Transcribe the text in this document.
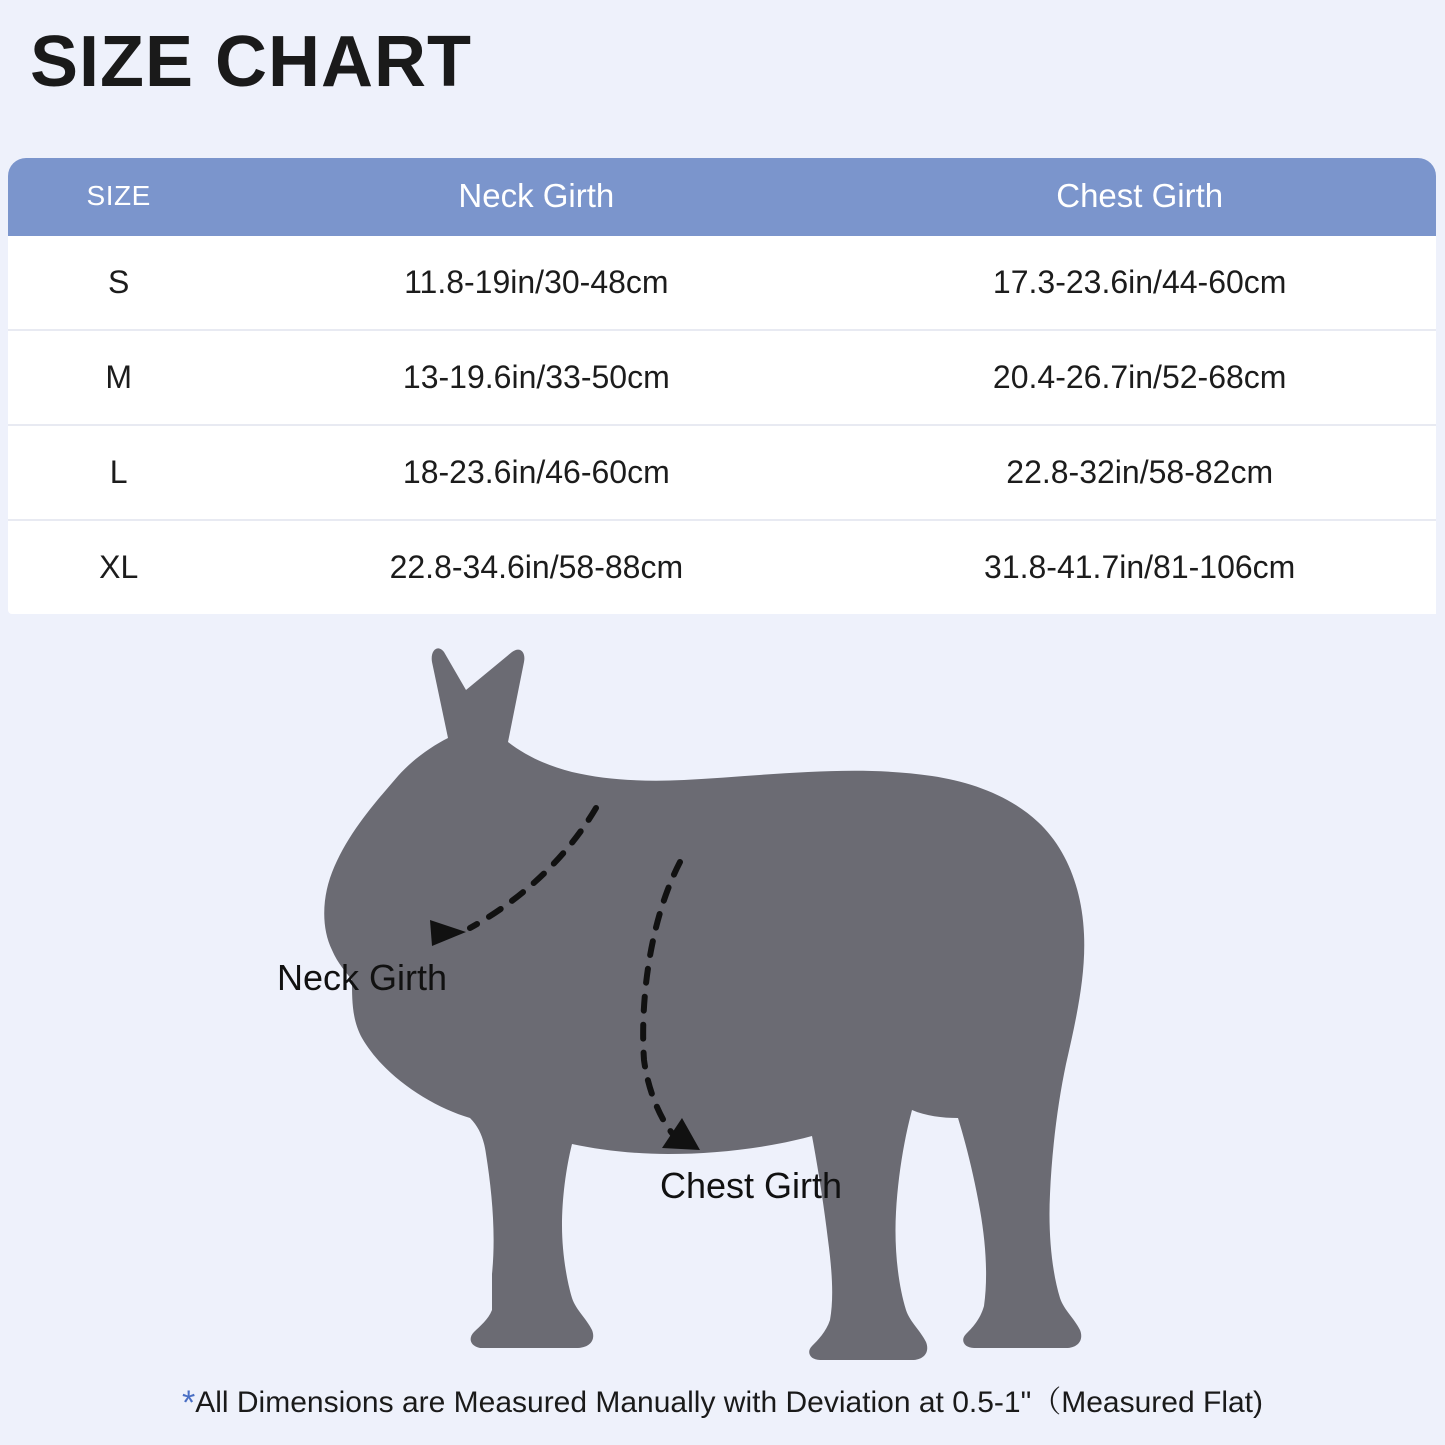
SIZE CHART
SIZE	Neck Girth	Chest Girth
S	11.8-19in/30-48cm	17.3-23.6in/44-60cm
M	13-19.6in/33-50cm	20.4-26.7in/52-68cm
L	18-23.6in/46-60cm	22.8-32in/58-82cm
XL	22.8-34.6in/58-88cm	31.8-41.7in/81-106cm
Neck Girth
Chest Girth
*All Dimensions are Measured Manually with Deviation at 0.5-1"（Measured Flat)
